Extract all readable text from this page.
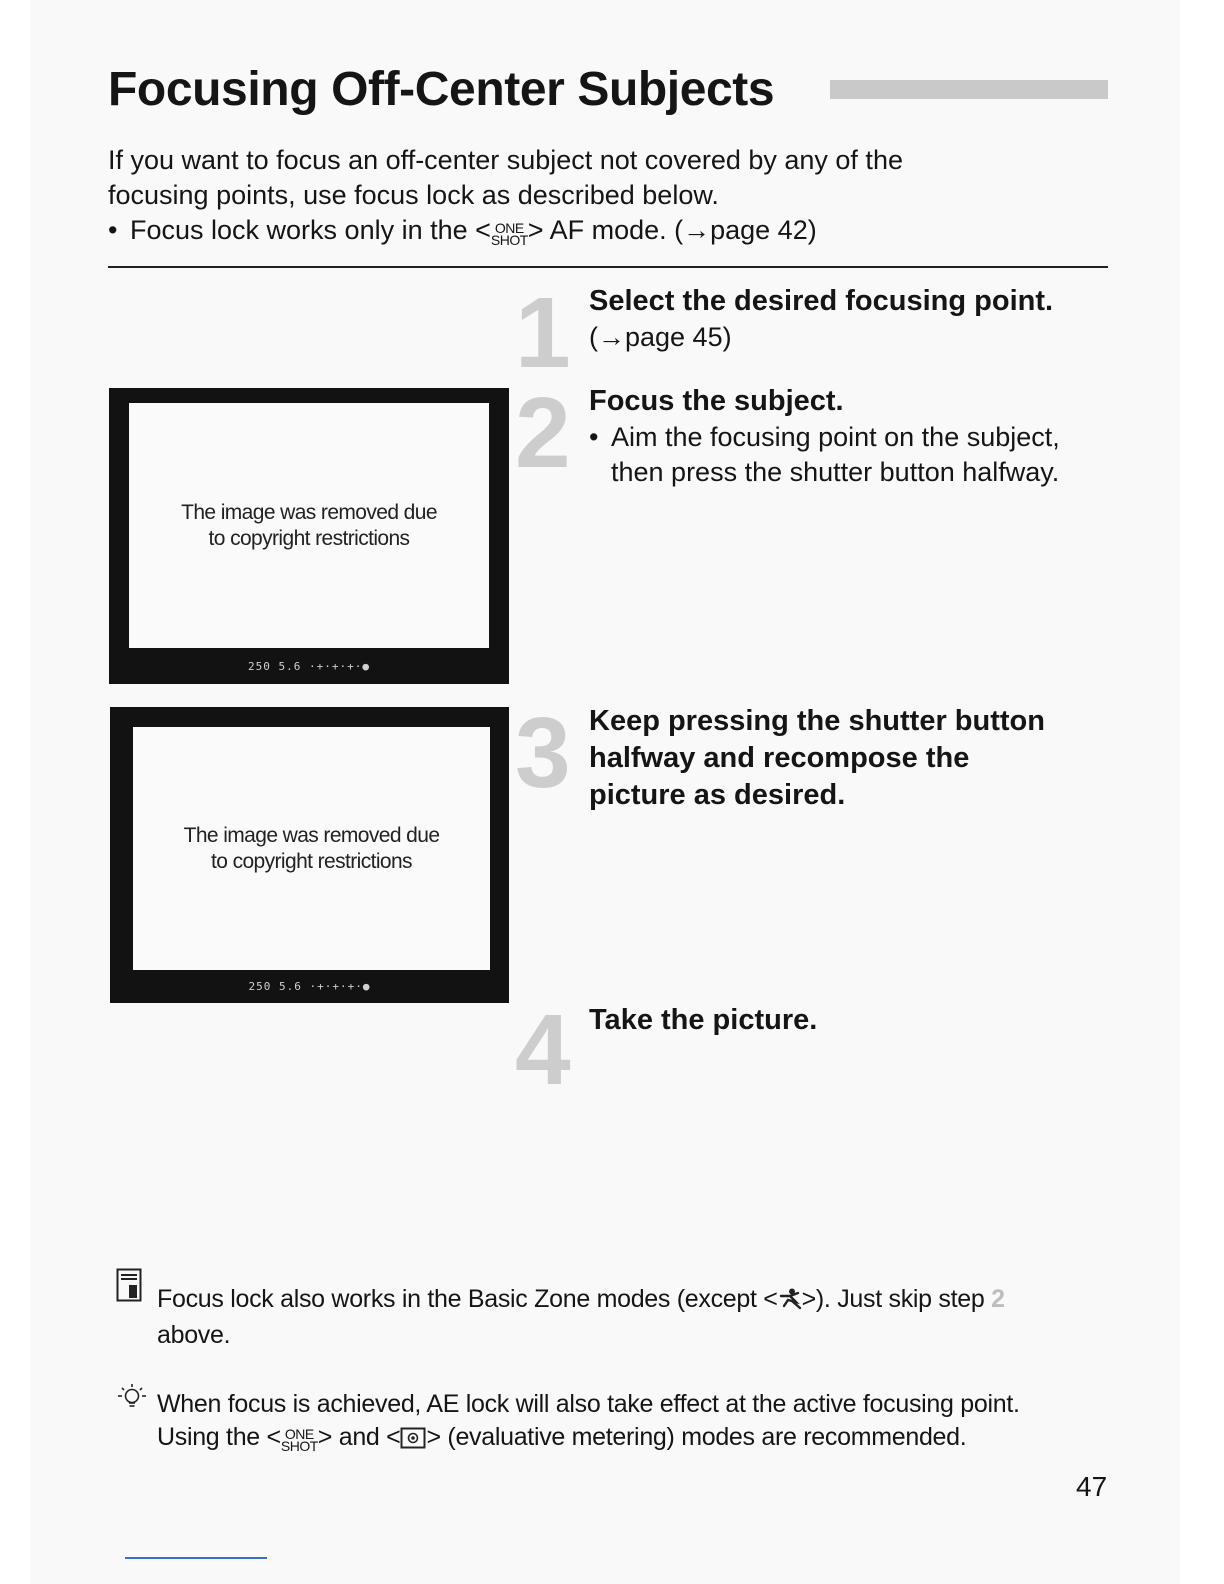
Focusing Off-Center Subjects

If you want to focus an off-center subject not covered by any of the

focusing points, use focus lock as described below.

• Focus lock works only in the < ONE
SHOT > AF mode. (→page 42)

1 Select the desired focusing point.
(→page 45)
The image was removed due
to copyright restrictions
250 5.6 ·+·+·+·●
2 Focus the subject.
• Aim the focusing point on the subject, then press the shutter button halfway.
The image was removed due
to copyright restrictions
250 5.6 ·+·+·+·●
3 Keep pressing the shutter button
halfway and recompose the
picture as desired.
4 Take the picture.
Focus lock also works in the Basic Zone modes (except < >). Just skip step 2
above.
When focus is achieved, AE lock will also take effect at the active focusing point.
Using the < ONE
SHOT > and < > (evaluative metering) modes are recommended.
47
